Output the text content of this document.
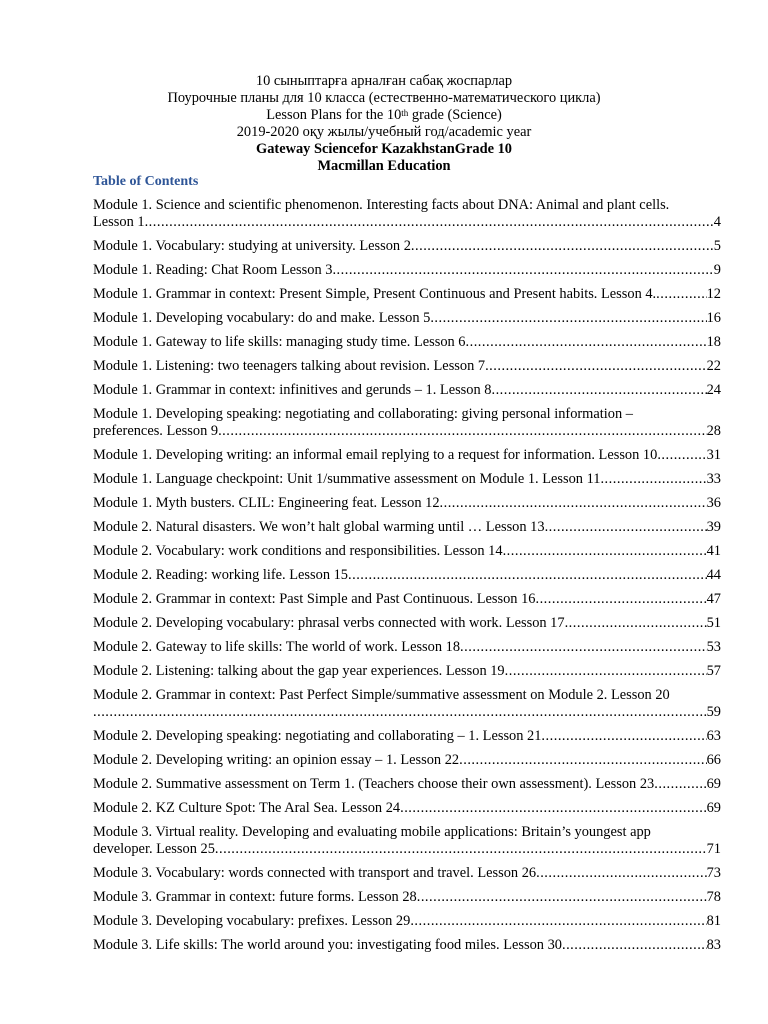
10 сыныптарға арналған сабақ жоспарлар
Поурочные планы для 10 класса (естественно-математического цикла)
Lesson Plans for the 10th grade (Science)
2019-2020 оқу жылы/учебный год/academic year
Gateway Sciencefor KazakhstanGrade 10
Macmillan Education
Table of Contents
Module 1. Science and scientific phenomenon. Interesting facts about DNA: Animal and plant cells.
Lesson 1 .....	4
Module 1. Vocabulary: studying at university. Lesson 2 .....	5
Module 1. Reading: Chat Room Lesson 3 .....	9
Module 1. Grammar in context: Present Simple, Present Continuous and Present habits. Lesson 4. .....	12
Module 1. Developing vocabulary: do and make. Lesson 5 .....	16
Module 1. Gateway to life skills: managing study time. Lesson 6 .....	18
Module 1. Listening: two teenagers talking about revision. Lesson 7 .....	22
Module 1. Grammar in context: infinitives and gerunds – 1. Lesson 8 .....	24
Module 1. Developing speaking: negotiating and collaborating: giving personal information –
preferences. Lesson 9 .....	28
Module 1. Developing writing: an informal email replying to a request for information. Lesson 10 .....	31
Module 1. Language checkpoint: Unit 1/summative assessment on Module 1. Lesson 11 .....	33
Module 1. Myth busters. CLIL: Engineering feat. Lesson 12 .....	36
Module 2. Natural disasters. We won’t halt global warming until … Lesson 13 .....	39
Module 2. Vocabulary: work conditions and responsibilities. Lesson 14 .....	41
Module 2. Reading: working life. Lesson 15 .....	44
Module 2. Grammar in context: Past Simple and Past Continuous. Lesson 16 .....	47
Module 2. Developing vocabulary: phrasal verbs connected with work. Lesson 17 .....	51
Module 2. Gateway to life skills: The world of work. Lesson 18 .....	53
Module 2. Listening: talking about the gap year experiences. Lesson 19 .....	57
Module 2. Grammar in context: Past Perfect Simple/summative assessment on Module 2. Lesson 20
.....
59
Module 2. Developing speaking: negotiating and collaborating – 1. Lesson 21 .....	63
Module 2. Developing writing: an opinion essay – 1. Lesson 22 .....	66
Module 2. Summative assessment on Term 1. (Teachers choose their own assessment). Lesson 23 .....	69
Module 2. KZ Culture Spot: The Aral Sea. Lesson 24 .....	69
Module 3. Virtual reality. Developing and evaluating mobile applications: Britain’s youngest app
developer. Lesson 25 .....	71
Module 3. Vocabulary: words connected with transport and travel. Lesson 26 .....	73
Module 3. Grammar in context: future forms. Lesson 28 .....	78
Module 3. Developing vocabulary: prefixes. Lesson 29 .....	81
Module 3. Life skills: The world around you: investigating food miles. Lesson 30 .....	83
